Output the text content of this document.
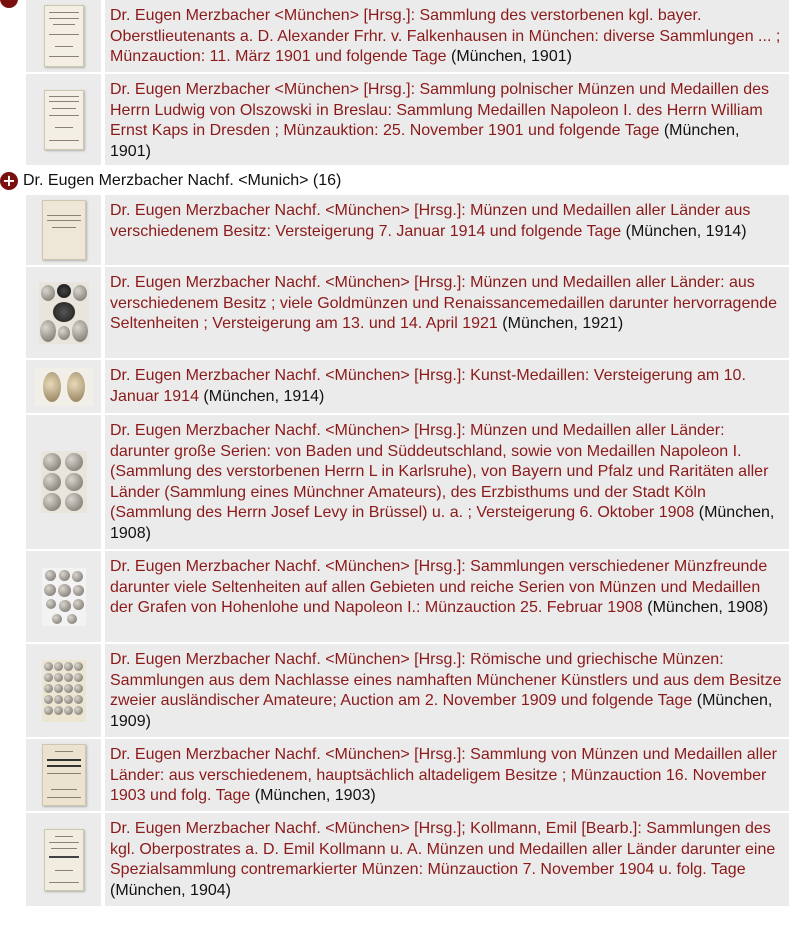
Dr. Eugen Merzbacher <München> [Hrsg.]: Sammlung des verstorbenen kgl. bayer. Oberstlieutenants a. D. Alexander Frhr. v. Falkenhausen in München: diverse Sammlungen ... ; Münzauction: 11. März 1901 und folgende Tage (München, 1901)
Dr. Eugen Merzbacher <München> [Hrsg.]: Sammlung polnischer Münzen und Medaillen des Herrn Ludwig von Olszowski in Breslau: Sammlung Medaillen Napoleon I. des Herrn William Ernst Kaps in Dresden ; Münzauktion: 25. November 1901 und folgende Tage (München, 1901)
+ Dr. Eugen Merzbacher Nachf. <Munich> (16)
Dr. Eugen Merzbacher Nachf. <München> [Hrsg.]: Münzen und Medaillen aller Länder aus verschiedenem Besitz: Versteigerung 7. Januar 1914 und folgende Tage (München, 1914)
Dr. Eugen Merzbacher Nachf. <München> [Hrsg.]: Münzen und Medaillen aller Länder: aus verschiedenem Besitz ; viele Goldmünzen und Renaissancemedaillen darunter hervorragende Seltenheiten ; Versteigerung am 13. und 14. April 1921 (München, 1921)
Dr. Eugen Merzbacher Nachf. <München> [Hrsg.]: Kunst-Medaillen: Versteigerung am 10. Januar 1914 (München, 1914)
Dr. Eugen Merzbacher Nachf. <München> [Hrsg.]: Münzen und Medaillen aller Länder: darunter große Serien: von Baden und Süddeutschland, sowie von Medaillen Napoleon I. (Sammlung des verstorbenen Herrn L in Karlsruhe), von Bayern und Pfalz und Raritäten aller Länder (Sammlung eines Münchner Amateurs), des Erzbisthums und der Stadt Köln (Sammlung des Herrn Josef Levy in Brüssel) u. a. ; Versteigerung 6. Oktober 1908 (München, 1908)
Dr. Eugen Merzbacher Nachf. <München> [Hrsg.]: Sammlungen verschiedener Münzfreunde darunter viele Seltenheiten auf allen Gebieten und reiche Serien von Münzen und Medaillen der Grafen von Hohenlohe und Napoleon I.: Münzauction 25. Februar 1908 (München, 1908)
Dr. Eugen Merzbacher Nachf. <München> [Hrsg.]: Römische und griechische Münzen: Sammlungen aus dem Nachlasse eines namhaften Münchener Künstlers und aus dem Besitze zweier ausländischer Amateure; Auction am 2. November 1909 und folgende Tage (München, 1909)
Dr. Eugen Merzbacher Nachf. <München> [Hrsg.]: Sammlung von Münzen und Medaillen aller Länder: aus verschiedenem, hauptsächlich altadeligem Besitze ; Münzauction 16. November 1903 und folg. Tage (München, 1903)
Dr. Eugen Merzbacher Nachf. <München> [Hrsg.]; Kollmann, Emil [Bearb.]: Sammlungen des kgl. Oberpostrates a. D. Emil Kollmann u. A. Münzen und Medaillen aller Länder darunter eine Spezialsammlung contremarkierter Münzen: Münzauction 7. November 1904 u. folg. Tage (München, 1904)
